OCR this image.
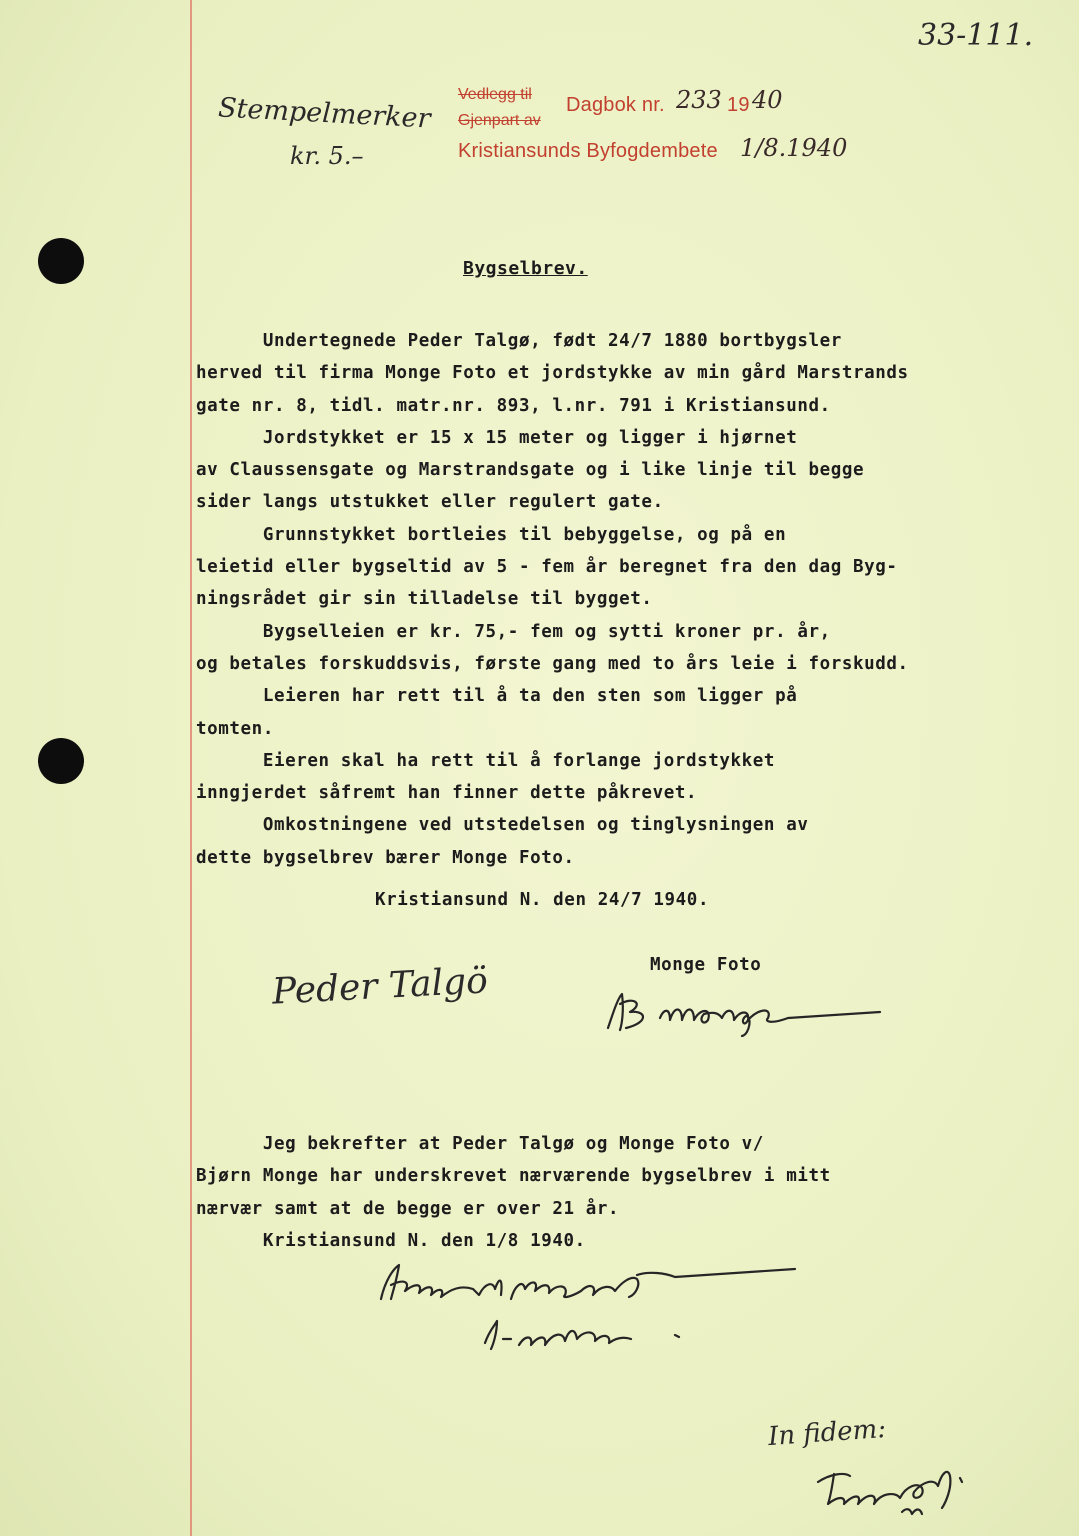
33-111.
Stempelmerker
kr. 5.–
Vedlegg til Dagbok nr. 233 19 40
Gjenpart av
Kristiansunds Byfogdembete 1/8.1940
Bygselbrev.
Undertegnede Peder Talgø, født 24/7 1880 bortbygsler
herved til firma Monge Foto et jordstykke av min gård Marstrands
gate nr. 8, tidl. matr.nr. 893, l.nr. 791 i Kristiansund.
Jordstykket er 15 x 15 meter og ligger i hjørnet
av Claussensgate og Marstrandsgate og i like linje til begge
sider langs utstukket eller regulert gate.
Grunnstykket bortleies til bebyggelse, og på en
leietid eller bygseltid av 5 - fem år beregnet fra den dag Byg-
ningsrådet gir sin tilladelse til bygget.
Bygselleien er kr. 75,- fem og sytti kroner pr. år,
og betales forskuddsvis, første gang med to års leie i forskudd.
Leieren har rett til å ta den sten som ligger på
tomten.
Eieren skal ha rett til å forlange jordstykket
inngjerdet såfremt han finner dette påkrevet.
Omkostningene ved utstedelsen og tinglysningen av
dette bygselbrev bærer Monge Foto.
Kristiansund N. den 24/7 1940.
Monge Foto
Peder Talgö
Jeg bekrefter at Peder Talgø og Monge Foto v/
Bjørn Monge har underskrevet nærværende bygselbrev i mitt
nærvær samt at de begge er over 21 år.
Kristiansund N. den 1/8 1940.
In fidem:
